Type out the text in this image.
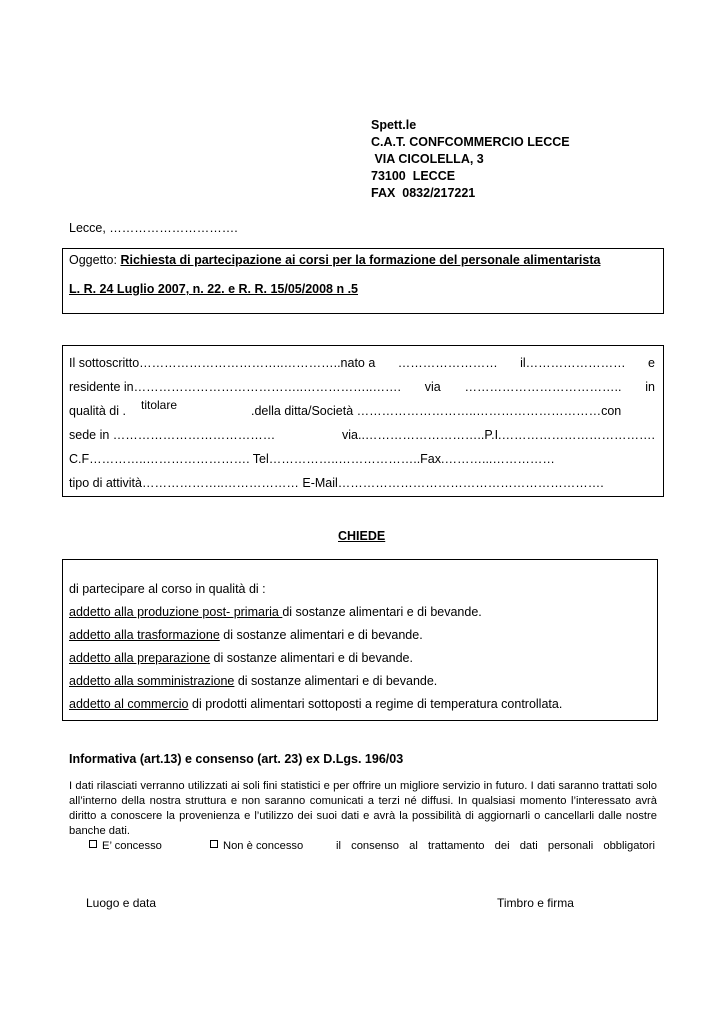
Spett.le
C.A.T. CONFCOMMERCIO LECCE
VIA CICOLELLA, 3
73100  LECCE
FAX  0832/217221
Lecce, ………………………….
Oggetto: Richiesta di partecipazione ai corsi per la formazione del personale alimentarista
L. R. 24 Luglio 2007, n. 22. e R. R. 15/05/2008 n .5
Il sottoscritto……………………………..…………..nato a …………………… il…………………… e
residente in…………………………………..……………..……. via ……………………………….. in
qualità di . titolare	.della ditta/Società ………………………..…………………………con
sede in …………………………………	via..………………………..P.I.……………………………….
C.F…………..……………………. Tel……………..………………..Fax.………...……………
tipo di attività………………..……………… E-Mail……………………………………………………….
CHIEDE
di partecipare al corso in qualità di :
addetto alla produzione post- primaria di sostanze alimentari e di bevande.
addetto alla trasformazione di sostanze alimentari e di bevande.
addetto alla preparazione di sostanze alimentari e di bevande.
addetto alla somministrazione di sostanze alimentari e di bevande.
addetto al commercio di prodotti alimentari sottoposti a regime di temperatura controllata.
Informativa (art.13) e consenso (art. 23) ex D.Lgs. 196/03
I dati rilasciati verranno utilizzati ai soli fini statistici e per offrire un migliore servizio in futuro. I dati saranno trattati solo all’interno della nostra struttura e non saranno comunicati a terzi né diffusi. In qualsiasi momento l’interessato avrà diritto a conoscere la provenienza e l’utilizzo dei suoi dati e avrà la possibilità di aggiornarli o cancellarli dalle nostre banche dati.
E’ concesso	Non è concesso	il consenso al trattamento dei dati personali obbligatori
Luogo e data	Timbro e firma
